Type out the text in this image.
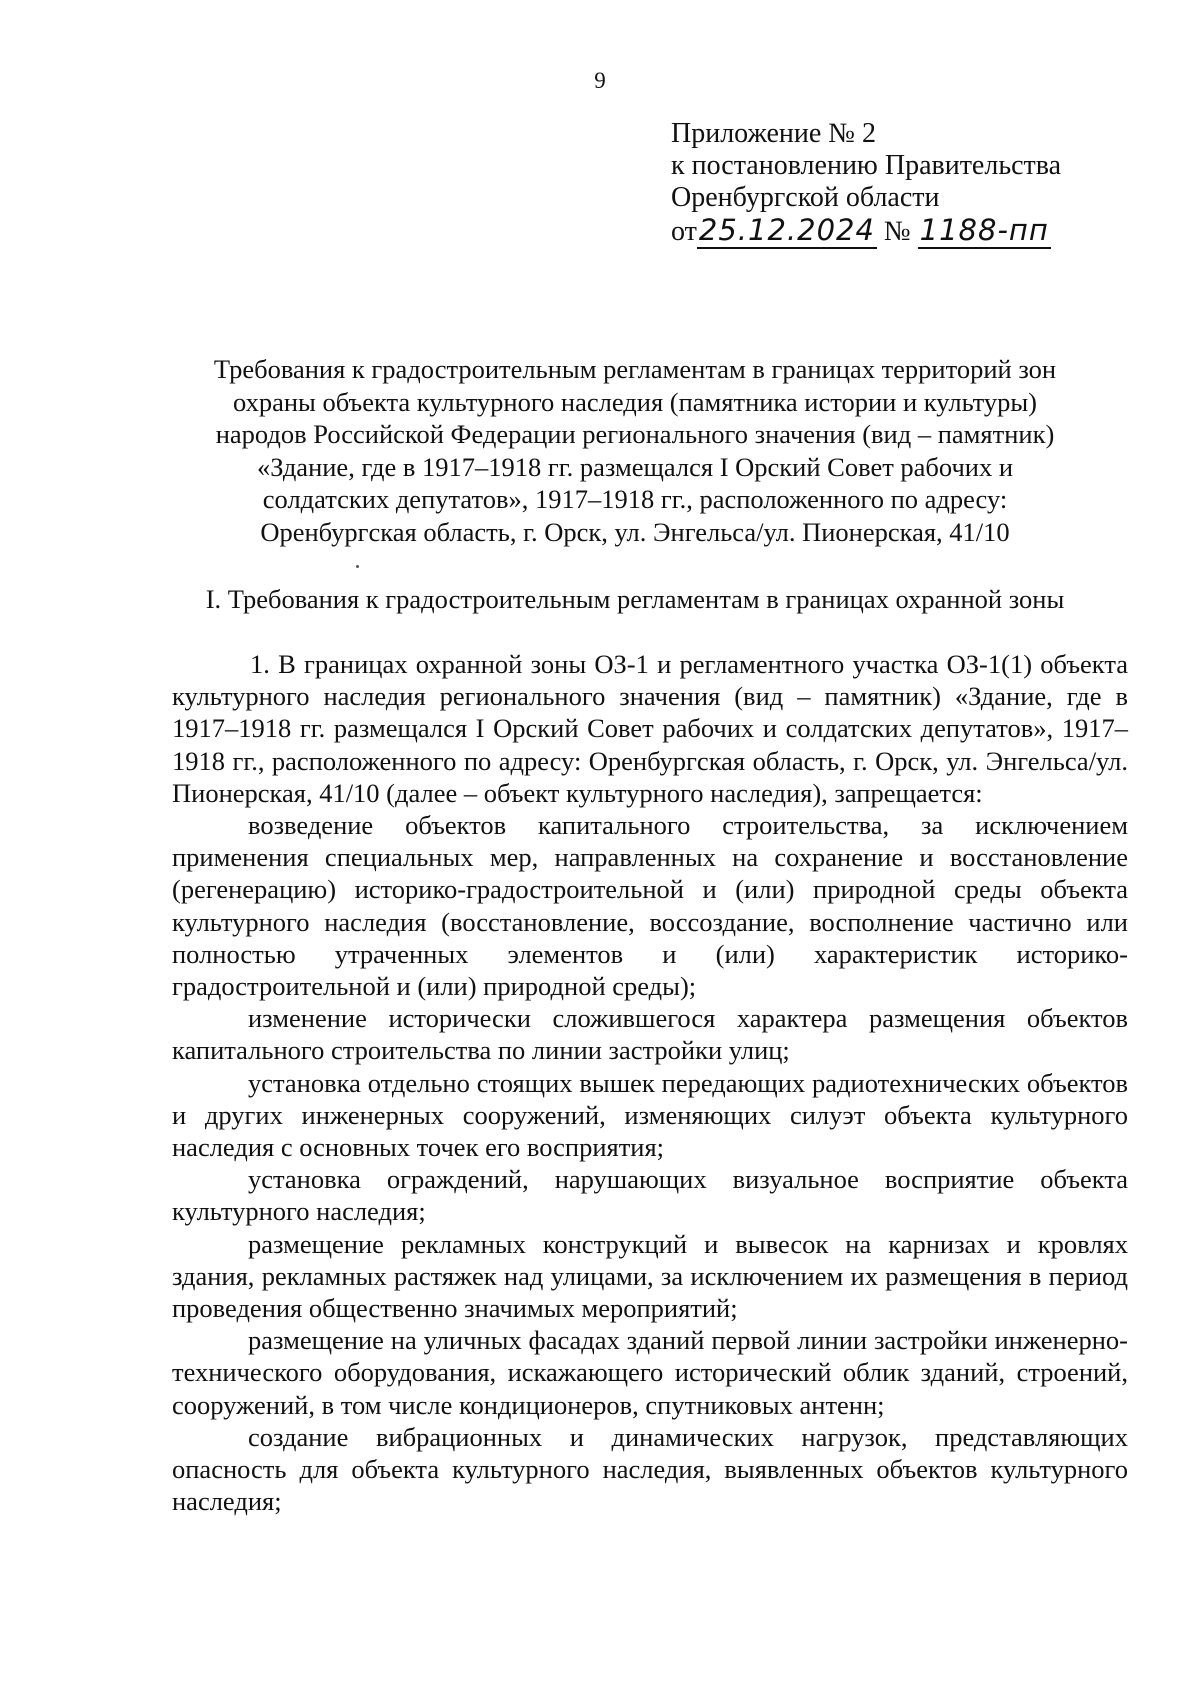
9
Приложение № 2
к постановлению Правительства
Оренбургской области
от25.12.2024 № 1188-пп
Требования к градостроительным регламентам в границах территорий зон
охраны объекта культурного наследия (памятника истории и культуры)
народов Российской Федерации регионального значения (вид – памятник)
«Здание, где в 1917–1918 гг. размещался I Орский Совет рабочих и
солдатских депутатов», 1917–1918 гг., расположенного по адресу:
Оренбургская область, г. Орск, ул. Энгельса/ул. Пионерская, 41/10
I. Требования к градостроительным регламентам в границах охранной зоны

1. В границах охранной зоны ОЗ-1 и регламентного участка ОЗ-1(1) объекта культурного наследия регионального значения (вид – памятник) «Здание, где в 1917–1918 гг. размещался I Орский Совет рабочих и солдатских депутатов», 1917–1918 гг., расположенного по адресу: Оренбургская область, г. Орск, ул. Энгельса/ул. Пионерская, 41/10 (далее – объект культурного наследия), запрещается:

возведение объектов капитального строительства, за исключением применения специальных мер, направленных на сохранение и восстановление (регенерацию) историко-градостроительной и (или) природной среды объекта культурного наследия (восстановление, воссоздание, восполнение частично или полностью утраченных элементов и (или) характеристик историко-градостроительной и (или) природной среды);

изменение исторически сложившегося характера размещения объектов капитального строительства по линии застройки улиц;

установка отдельно стоящих вышек передающих радиотехнических объектов и других инженерных сооружений, изменяющих силуэт объекта культурного наследия с основных точек его восприятия;

установка ограждений, нарушающих визуальное восприятие объекта культурного наследия;

размещение рекламных конструкций и вывесок на карнизах и кровлях здания, рекламных растяжек над улицами, за исключением их размещения в период проведения общественно значимых мероприятий;

размещение на уличных фасадах зданий первой линии застройки инженерно-технического оборудования, искажающего исторический облик зданий, строений, сооружений, в том числе кондиционеров, спутниковых антенн;

создание вибрационных и динамических нагрузок, представляющих опасность для объекта культурного наследия, выявленных объектов культурного наследия;
